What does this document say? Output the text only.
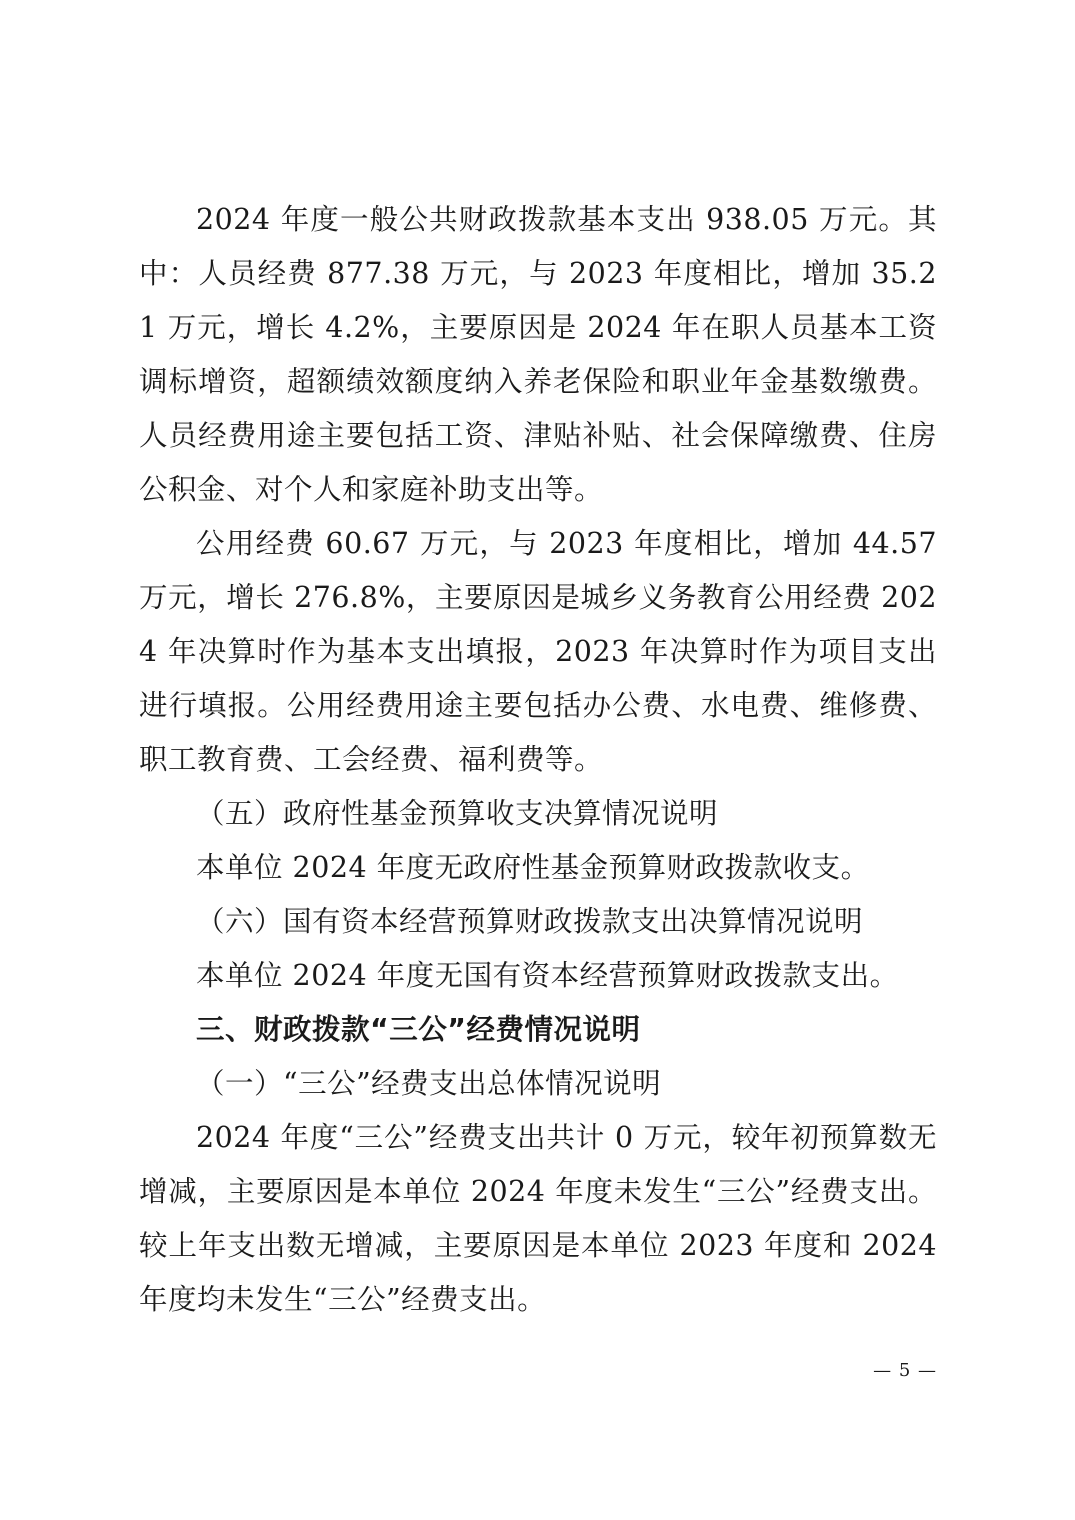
2024 年度一般公共财政拨款基本支出 938.05 万元。其中：人员经费 877.38 万元，与 2023 年度相比，增加 35.21 万元，增长 4.2%，主要原因是 2024 年在职人员基本工资调标增资，超额绩效额度纳入养老保险和职业年金基数缴费。人员经费用途主要包括工资、津贴补贴、社会保障缴费、住房公积金、对个人和家庭补助支出等。

公用经费 60.67 万元，与 2023 年度相比，增加 44.57 万元，增长 276.8%，主要原因是城乡义务教育公用经费 2024 年决算时作为基本支出填报，2023 年决算时作为项目支出进行填报。公用经费用途主要包括办公费、水电费、维修费、职工教育费、工会经费、福利费等。

（五）政府性基金预算收支决算情况说明

本单位 2024 年度无政府性基金预算财政拨款收支。

（六）国有资本经营预算财政拨款支出决算情况说明

本单位 2024 年度无国有资本经营预算财政拨款支出。

三、财政拨款“三公”经费情况说明

（一）“三公”经费支出总体情况说明

2024 年度“三公”经费支出共计 0 万元，较年初预算数无增减，主要原因是本单位 2024 年度未发生“三公”经费支出。较上年支出数无增减，主要原因是本单位 2023 年度和 2024 年度均未发生“三公”经费支出。

— 5 —
